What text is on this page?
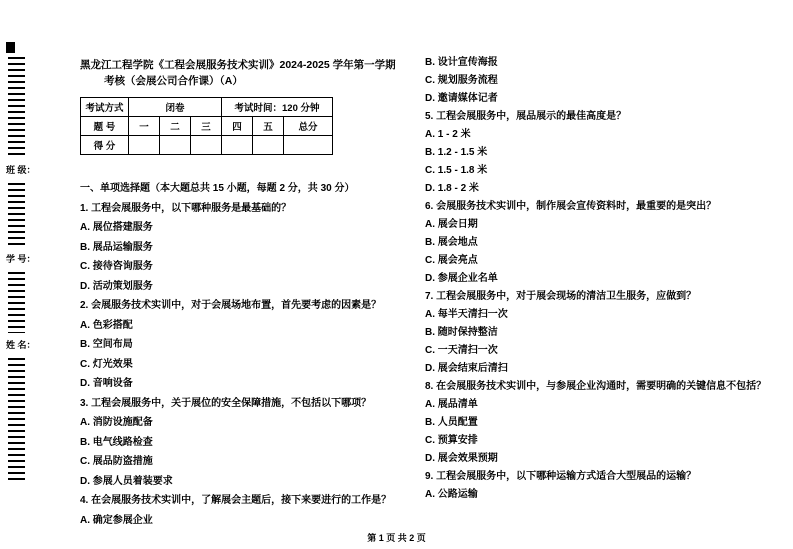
班 级：
学 号：
姓 名：
黑龙江工程学院《工程会展服务技术实训》2024-2025 学年第一学期
考核（会展公司合作课）（A）
考试方式	闭卷			考试时间：120 分钟		
题 号	一	二	三	四	五	总分
得 分						
一、单项选择题（本大题总共 15 小题，每题 2 分，共 30 分）
1. 工程会展服务中，以下哪种服务是最基础的？
A. 展位搭建服务
B. 展品运输服务
C. 接待咨询服务
D. 活动策划服务
2. 会展服务技术实训中，对于会展场地布置，首先要考虑的因素是？
A. 色彩搭配
B. 空间布局
C. 灯光效果
D. 音响设备
3. 工程会展服务中，关于展位的安全保障措施，不包括以下哪项？
A. 消防设施配备
B. 电气线路检查
C. 展品防盗措施
D. 参展人员着装要求
4. 在会展服务技术实训中，了解展会主题后，接下来要进行的工作是？
A. 确定参展企业
B. 设计宣传海报
C. 规划服务流程
D. 邀请媒体记者
5. 工程会展服务中，展品展示的最佳高度是？
A. 1 - 2 米
B. 1.2 - 1.5 米
C. 1.5 - 1.8 米
D. 1.8 - 2 米
6. 会展服务技术实训中，制作展会宣传资料时，最重要的是突出？
A. 展会日期
B. 展会地点
C. 展会亮点
D. 参展企业名单
7. 工程会展服务中，对于展会现场的清洁卫生服务，应做到？
A. 每半天清扫一次
B. 随时保持整洁
C. 一天清扫一次
D. 展会结束后清扫
8. 在会展服务技术实训中，与参展企业沟通时，需要明确的关键信息不包括？
A. 展品清单
B. 人员配置
C. 预算安排
D. 展会效果预期
9. 工程会展服务中，以下哪种运输方式适合大型展品的运输？
A. 公路运输
第 1 页 共 2 页
